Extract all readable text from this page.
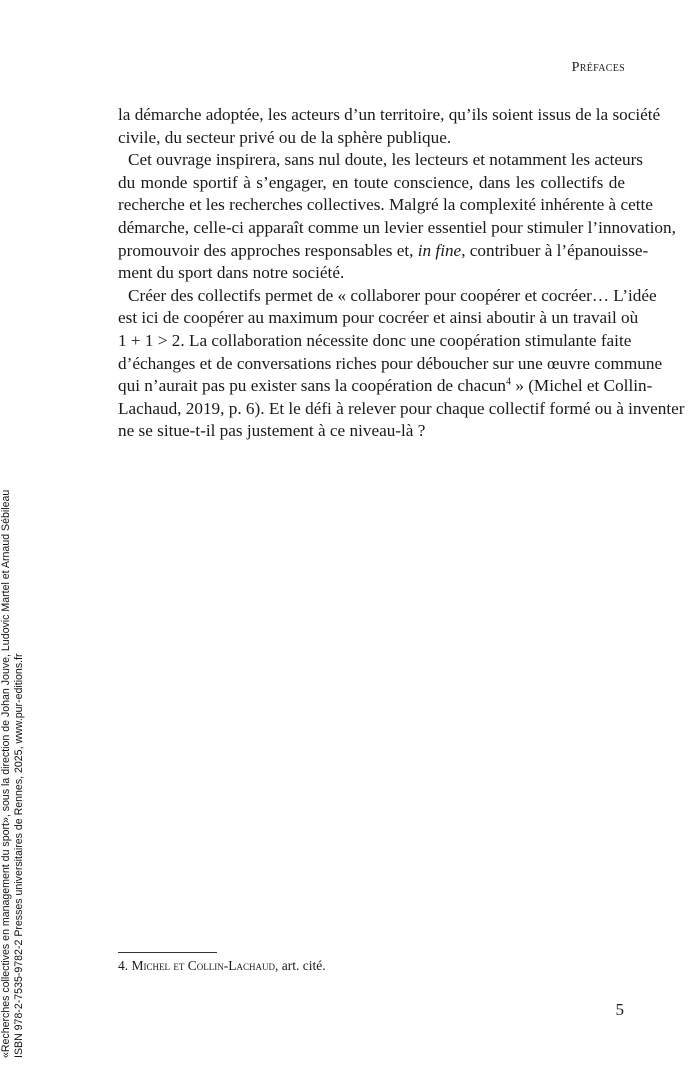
Préfaces
la démarche adoptée, les acteurs d’un territoire, qu’ils soient issus de la société
civile, du secteur privé ou de la sphère publique.
Cet ouvrage inspirera, sans nul doute, les lecteurs et notamment les acteurs
du monde sportif à s’engager, en toute conscience, dans les collectifs de
recherche et les recherches collectives. Malgré la complexité inhérente à cette
démarche, celle-ci apparaît comme un levier essentiel pour stimuler l’innovation,
promouvoir des approches responsables et, in fine, contribuer à l’épanouisse-
ment du sport dans notre société.
Créer des collectifs permet de « collaborer pour coopérer et cocréer… L’idée
est ici de coopérer au maximum pour cocréer et ainsi aboutir à un travail où
1 + 1 > 2. La collaboration nécessite donc une coopération stimulante faite
d’échanges et de conversations riches pour déboucher sur une œuvre commune
qui n’aurait pas pu exister sans la coopération de chacun$^4$ » (Michel et Collin-
Lachaud, 2019, p. 6). Et le défi à relever pour chaque collectif formé ou à inventer
ne se situe-t-il pas justement à ce niveau-là ?
4. Michel et Collin-Lachaud, art. cité.
5
«Recherches collectives en management du sport», sous la direction de Johan Jouve, Ludovic Martel et Arnaud Sébileau ISBN 978-2-7535-9782-2 Presses universitaires de Rennes, 2025, www.pur-editions.fr
